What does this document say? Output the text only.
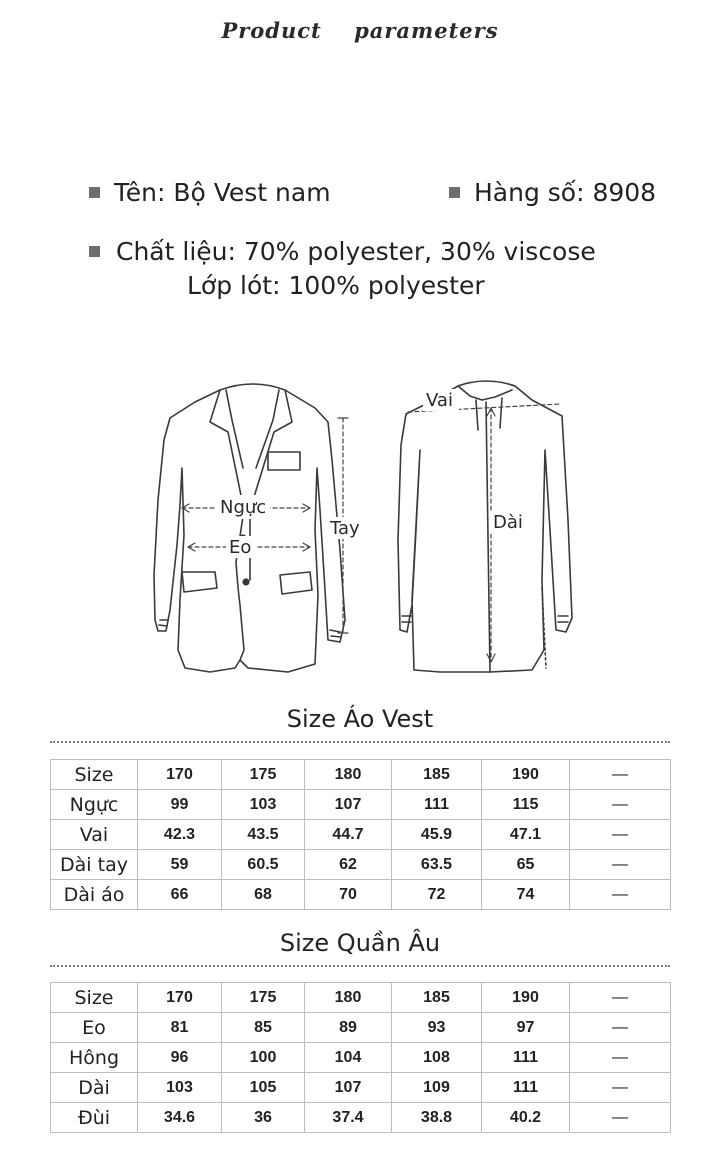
Product parameters
Tên: Bộ Vest nam	Hàng số: 8908
Chất liệu: 70% polyester, 30% viscose
Lớp lót: 100% polyester
Ngực
Eo
Tay
Vai
Dài
Size Áo Vest
Size	170	175	180	185	190	—
Ngực	99	103	107	111	115	—
Vai	42.3	43.5	44.7	45.9	47.1	—
Dài tay	59	60.5	62	63.5	65	—
Dài áo	66	68	70	72	74	—
Size Quần Âu
Size	170	175	180	185	190	—
Eo	81	85	89	93	97	—
Hông	96	100	104	108	111	—
Dài	103	105	107	109	111	—
Đùi	34.6	36	37.4	38.8	40.2	—
